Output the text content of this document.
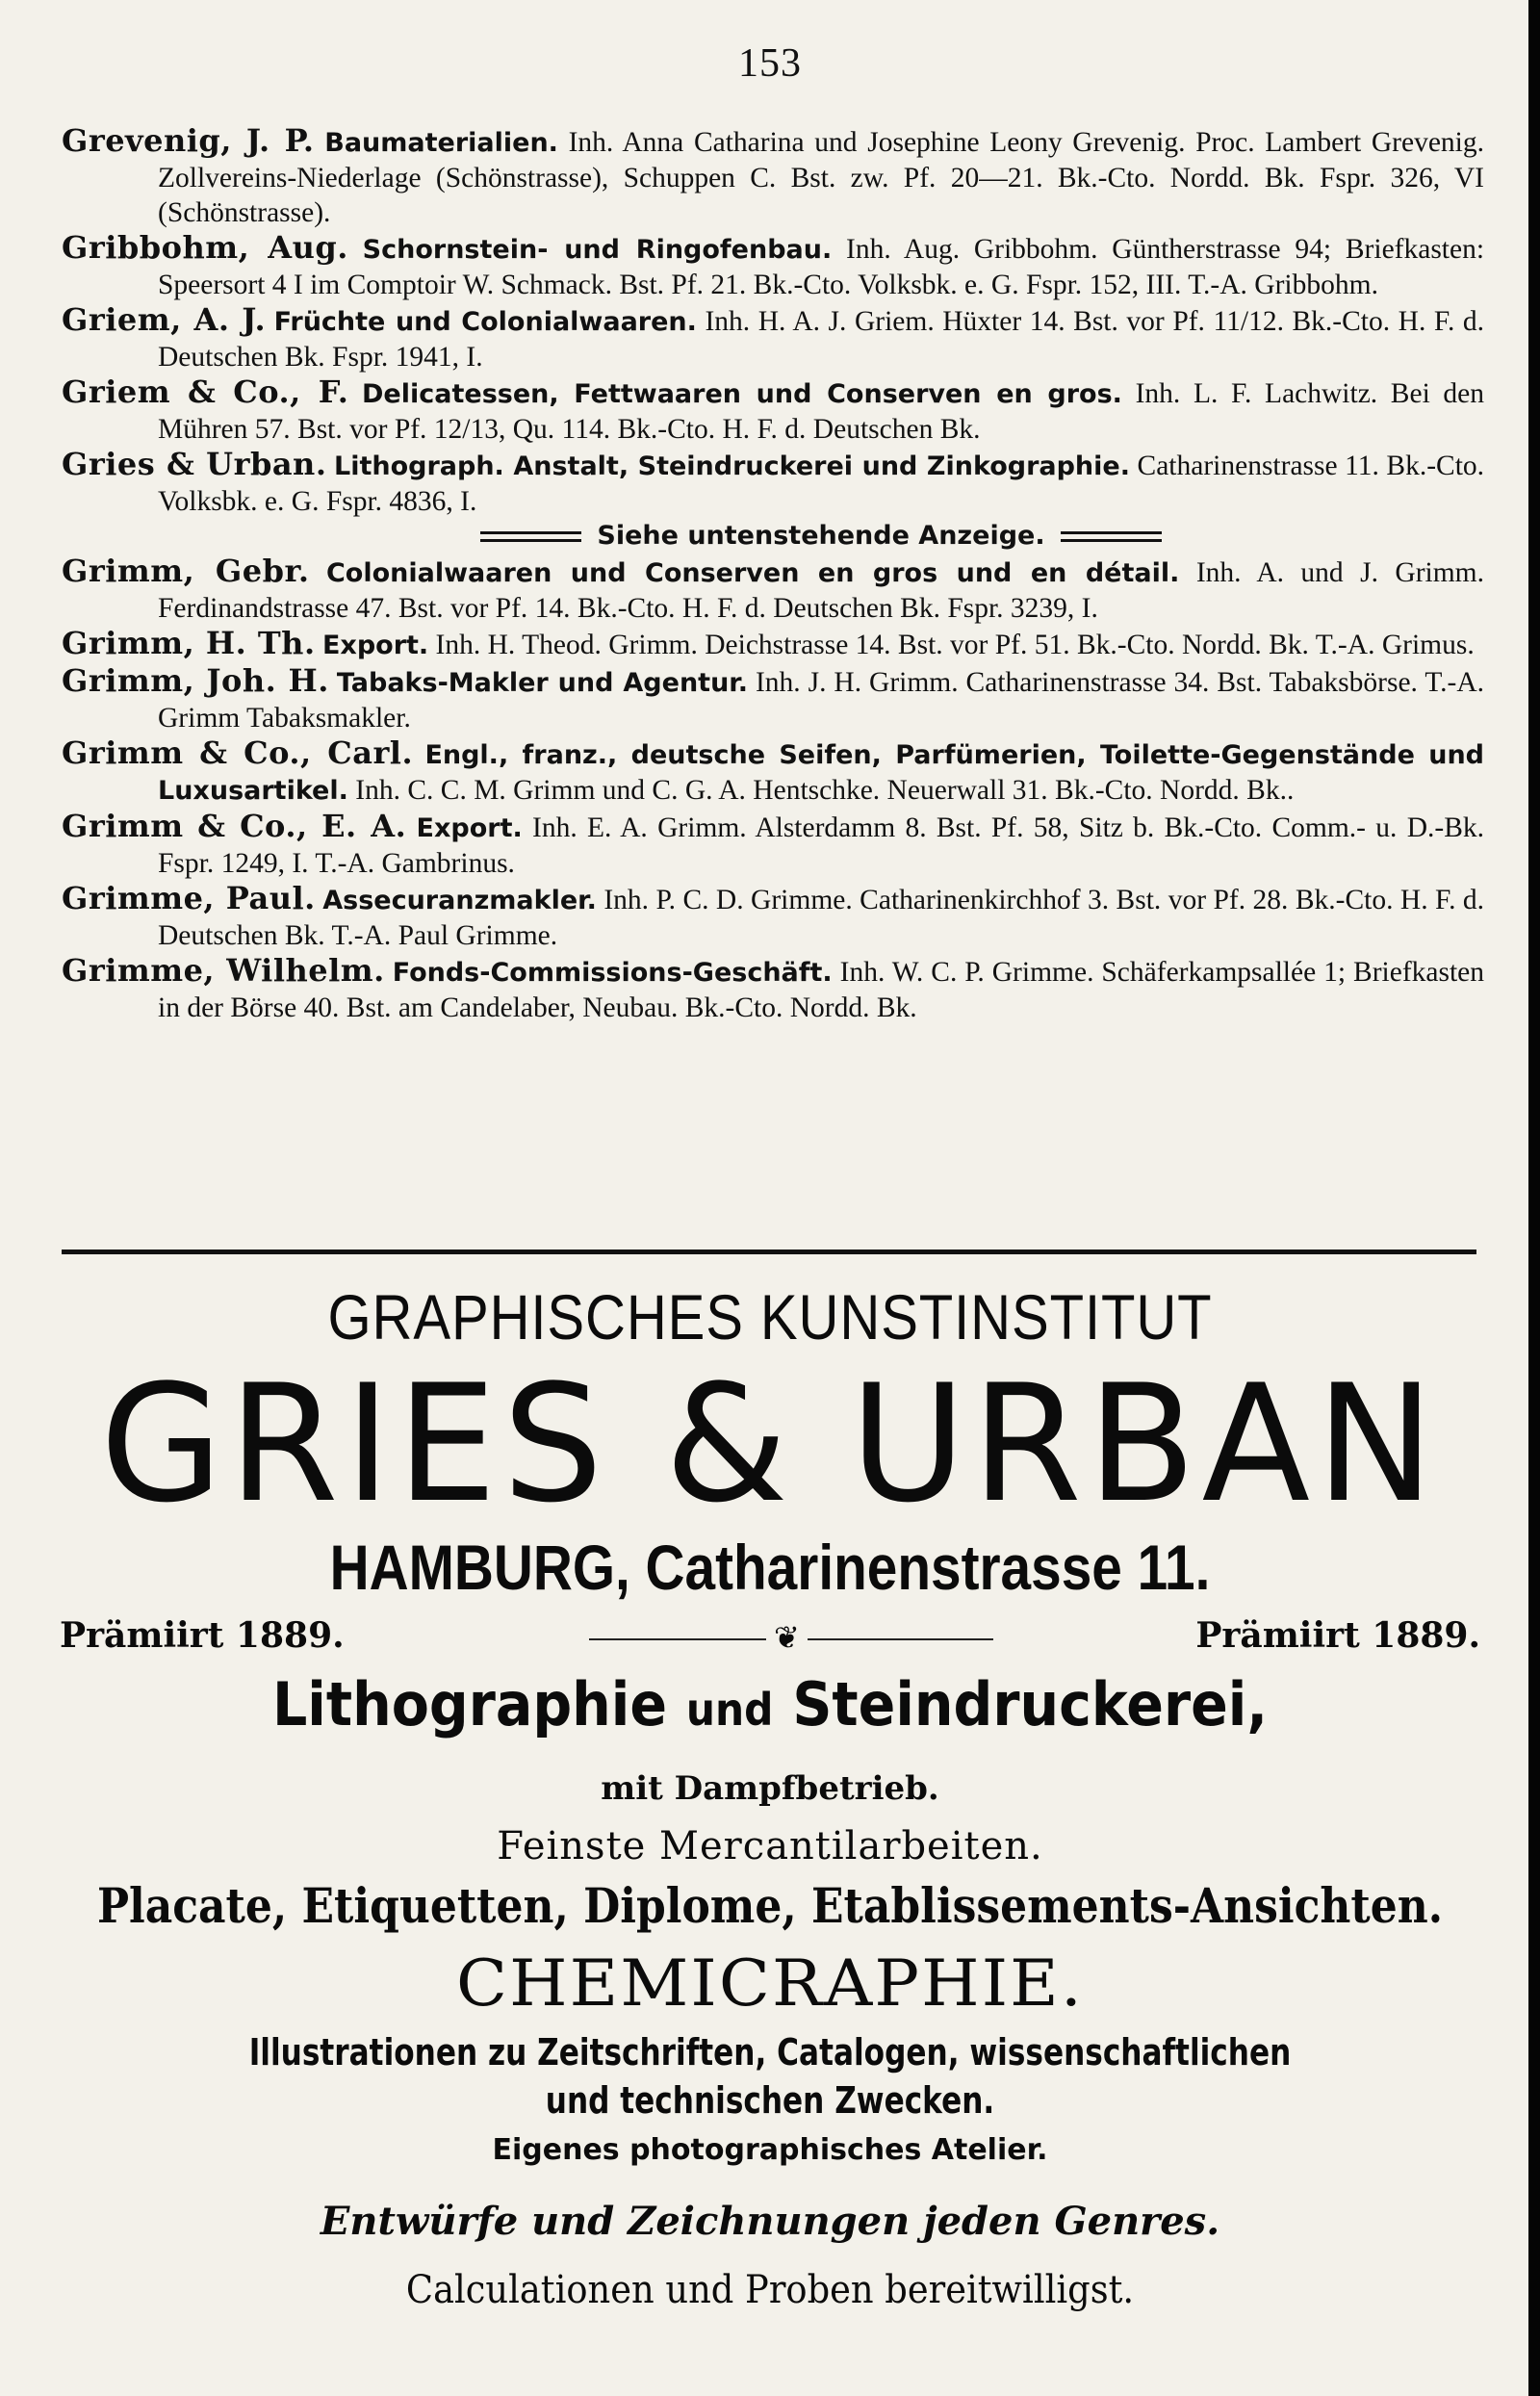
153

Grevenig, J. P. Baumaterialien. Inh. Anna Catharina und Josephine Leony Grevenig. Proc. Lambert Grevenig. Zollvereins-Niederlage (Schönstrasse), Schuppen C. Bst. zw. Pf. 20—21. Bk.-Cto. Nordd. Bk. Fspr. 326, VI (Schönstrasse).

Gribbohm, Aug. Schornstein- und Ringofenbau. Inh. Aug. Gribbohm. Güntherstrasse 94; Briefkasten: Speersort 4 I im Comptoir W. Schmack. Bst. Pf. 21. Bk.-Cto. Volksbk. e. G. Fspr. 152, III. T.-A. Gribbohm.

Griem, A. J. Früchte und Colonialwaaren. Inh. H. A. J. Griem. Hüxter 14. Bst. vor Pf. 11/12. Bk.-Cto. H. F. d. Deutschen Bk. Fspr. 1941, I.

Griem & Co., F. Delicatessen, Fettwaaren und Conserven en gros. Inh. L. F. Lachwitz. Bei den Mühren 57. Bst. vor Pf. 12/13, Qu. 114. Bk.-Cto. H. F. d. Deutschen Bk.

Gries & Urban. Lithograph. Anstalt, Steindruckerei und Zinkographie. Catharinenstrasse 11. Bk.-Cto. Volksbk. e. G. Fspr. 4836, I.

Siehe untenstehende Anzeige.

Grimm, Gebr. Colonialwaaren und Conserven en gros und en détail. Inh. A. und J. Grimm. Ferdinandstrasse 47. Bst. vor Pf. 14. Bk.-Cto. H. F. d. Deutschen Bk. Fspr. 3239, I.

Grimm, H. Th. Export. Inh. H. Theod. Grimm. Deichstrasse 14. Bst. vor Pf. 51. Bk.-Cto. Nordd. Bk. T.-A. Grimus.

Grimm, Joh. H. Tabaks-Makler und Agentur. Inh. J. H. Grimm. Catharinenstrasse 34. Bst. Tabaksbörse. T.-A. Grimm Tabaksmakler.

Grimm & Co., Carl. Engl., franz., deutsche Seifen, Parfümerien, Toilette-Gegenstände und Luxusartikel. Inh. C. C. M. Grimm und C. G. A. Hentschke. Neuerwall 31. Bk.-Cto. Nordd. Bk..

Grimm & Co., E. A. Export. Inh. E. A. Grimm. Alsterdamm 8. Bst. Pf. 58, Sitz b. Bk.-Cto. Comm.- u. D.-Bk. Fspr. 1249, I. T.-A. Gambrinus.

Grimme, Paul. Assecuranzmakler. Inh. P. C. D. Grimme. Catharinenkirchhof 3. Bst. vor Pf. 28. Bk.-Cto. H. F. d. Deutschen Bk. T.-A. Paul Grimme.

Grimme, Wilhelm. Fonds-Commissions-Geschäft. Inh. W. C. P. Grimme. Schäferkampsallée 1; Briefkasten in der Börse 40. Bst. am Candelaber, Neubau. Bk.-Cto. Nordd. Bk.

GRAPHISCHES KUNSTINSTITUT
GRIES & URBAN
HAMBURG, Catharinenstrasse 11.
Prämiirt 1889.	❦	Prämiirt 1889.
Lithographie und Steindruckerei,
mit Dampfbetrieb.
Feinste Mercantilarbeiten.
Placate, Etiquetten, Diplome, Etablissements-Ansichten.
CHEMICRAPHIE.
Illustrationen zu Zeitschriften, Catalogen, wissenschaftlichen
und technischen Zwecken.
Eigenes photographisches Atelier.
Entwürfe und Zeichnungen jeden Genres.
Calculationen und Proben bereitwilligst.
